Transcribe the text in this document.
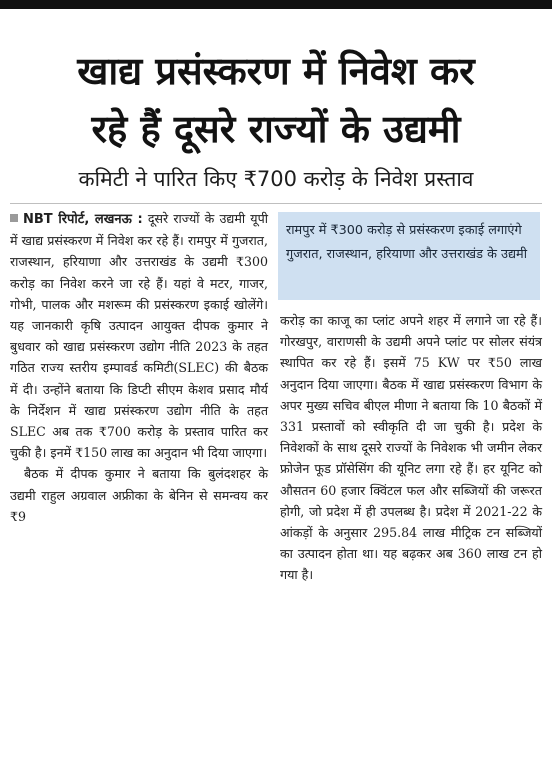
खाद्य प्रसंस्करण में निवेश कर
रहे हैं दूसरे राज्यों के उद्यमी
कमिटी ने पारित किए ₹700 करोड़ के निवेश प्रस्ताव

NBT रिपोर्ट, लखनऊ : दूसरे राज्यों के उद्यमी यूपी में खाद्य प्रसंस्करण में निवेश कर रहे हैं। रामपुर में गुजरात, राजस्थान, हरियाणा और उत्तराखंड के उद्यमी ₹300 करोड़ का निवेश करने जा रहे हैं। यहां वे मटर, गाजर, गोभी, पालक और मशरूम की प्रसंस्करण इकाई खोलेंगे। यह जानकारी कृषि उत्पादन आयुक्त दीपक कुमार ने बुधवार को खाद्य प्रसंस्करण उद्योग नीति 2023 के तहत गठित राज्य स्तरीय इम्पावर्ड कमिटी(SLEC) की बैठक में दी। उन्होंने बताया कि डिप्टी सीएम केशव प्रसाद मौर्य के निर्देशन में खाद्य प्रसंस्करण उद्योग नीति के तहत SLEC अब तक ₹700 करोड़ के प्रस्ताव पारित कर चुकी है। इनमें ₹150 लाख का अनुदान भी दिया जाएगा।

बैठक में दीपक कुमार ने बताया कि बुलंदशहर के उद्यमी राहुल अग्रवाल अफ्रीका के बेनिन से समन्वय कर ₹9

रामपुर में ₹300 करोड़ से प्रसंस्करण इकाई लगाएंगे गुजरात, राजस्थान, हरियाणा और उत्तराखंड के उद्यमी

करोड़ का काजू का प्लांट अपने शहर में लगाने जा रहे हैं। गोरखपुर, वाराणसी के उद्यमी अपने प्लांट पर सोलर संयंत्र स्थापित कर रहे हैं। इसमें 75 KW पर ₹50 लाख अनुदान दिया जाएगा। बैठक में खाद्य प्रसंस्करण विभाग के अपर मुख्य सचिव बीएल मीणा ने बताया कि 10 बैठकों में 331 प्रस्तावों को स्वीकृति दी जा चुकी है। प्रदेश के निवेशकों के साथ दूसरे राज्यों के निवेशक भी जमीन लेकर फ्रोजेन फूड प्रॉसेसिंग की यूनिट लगा रहे हैं। हर यूनिट को औसतन 60 हजार क्विंटल फल और सब्जियों की जरूरत होगी, जो प्रदेश में ही उपलब्ध है। प्रदेश में 2021-22 के आंकड़ों के अनुसार 295.84 लाख मीट्रिक टन सब्जियों का उत्पादन होता था। यह बढ़कर अब 360 लाख टन हो गया है।
